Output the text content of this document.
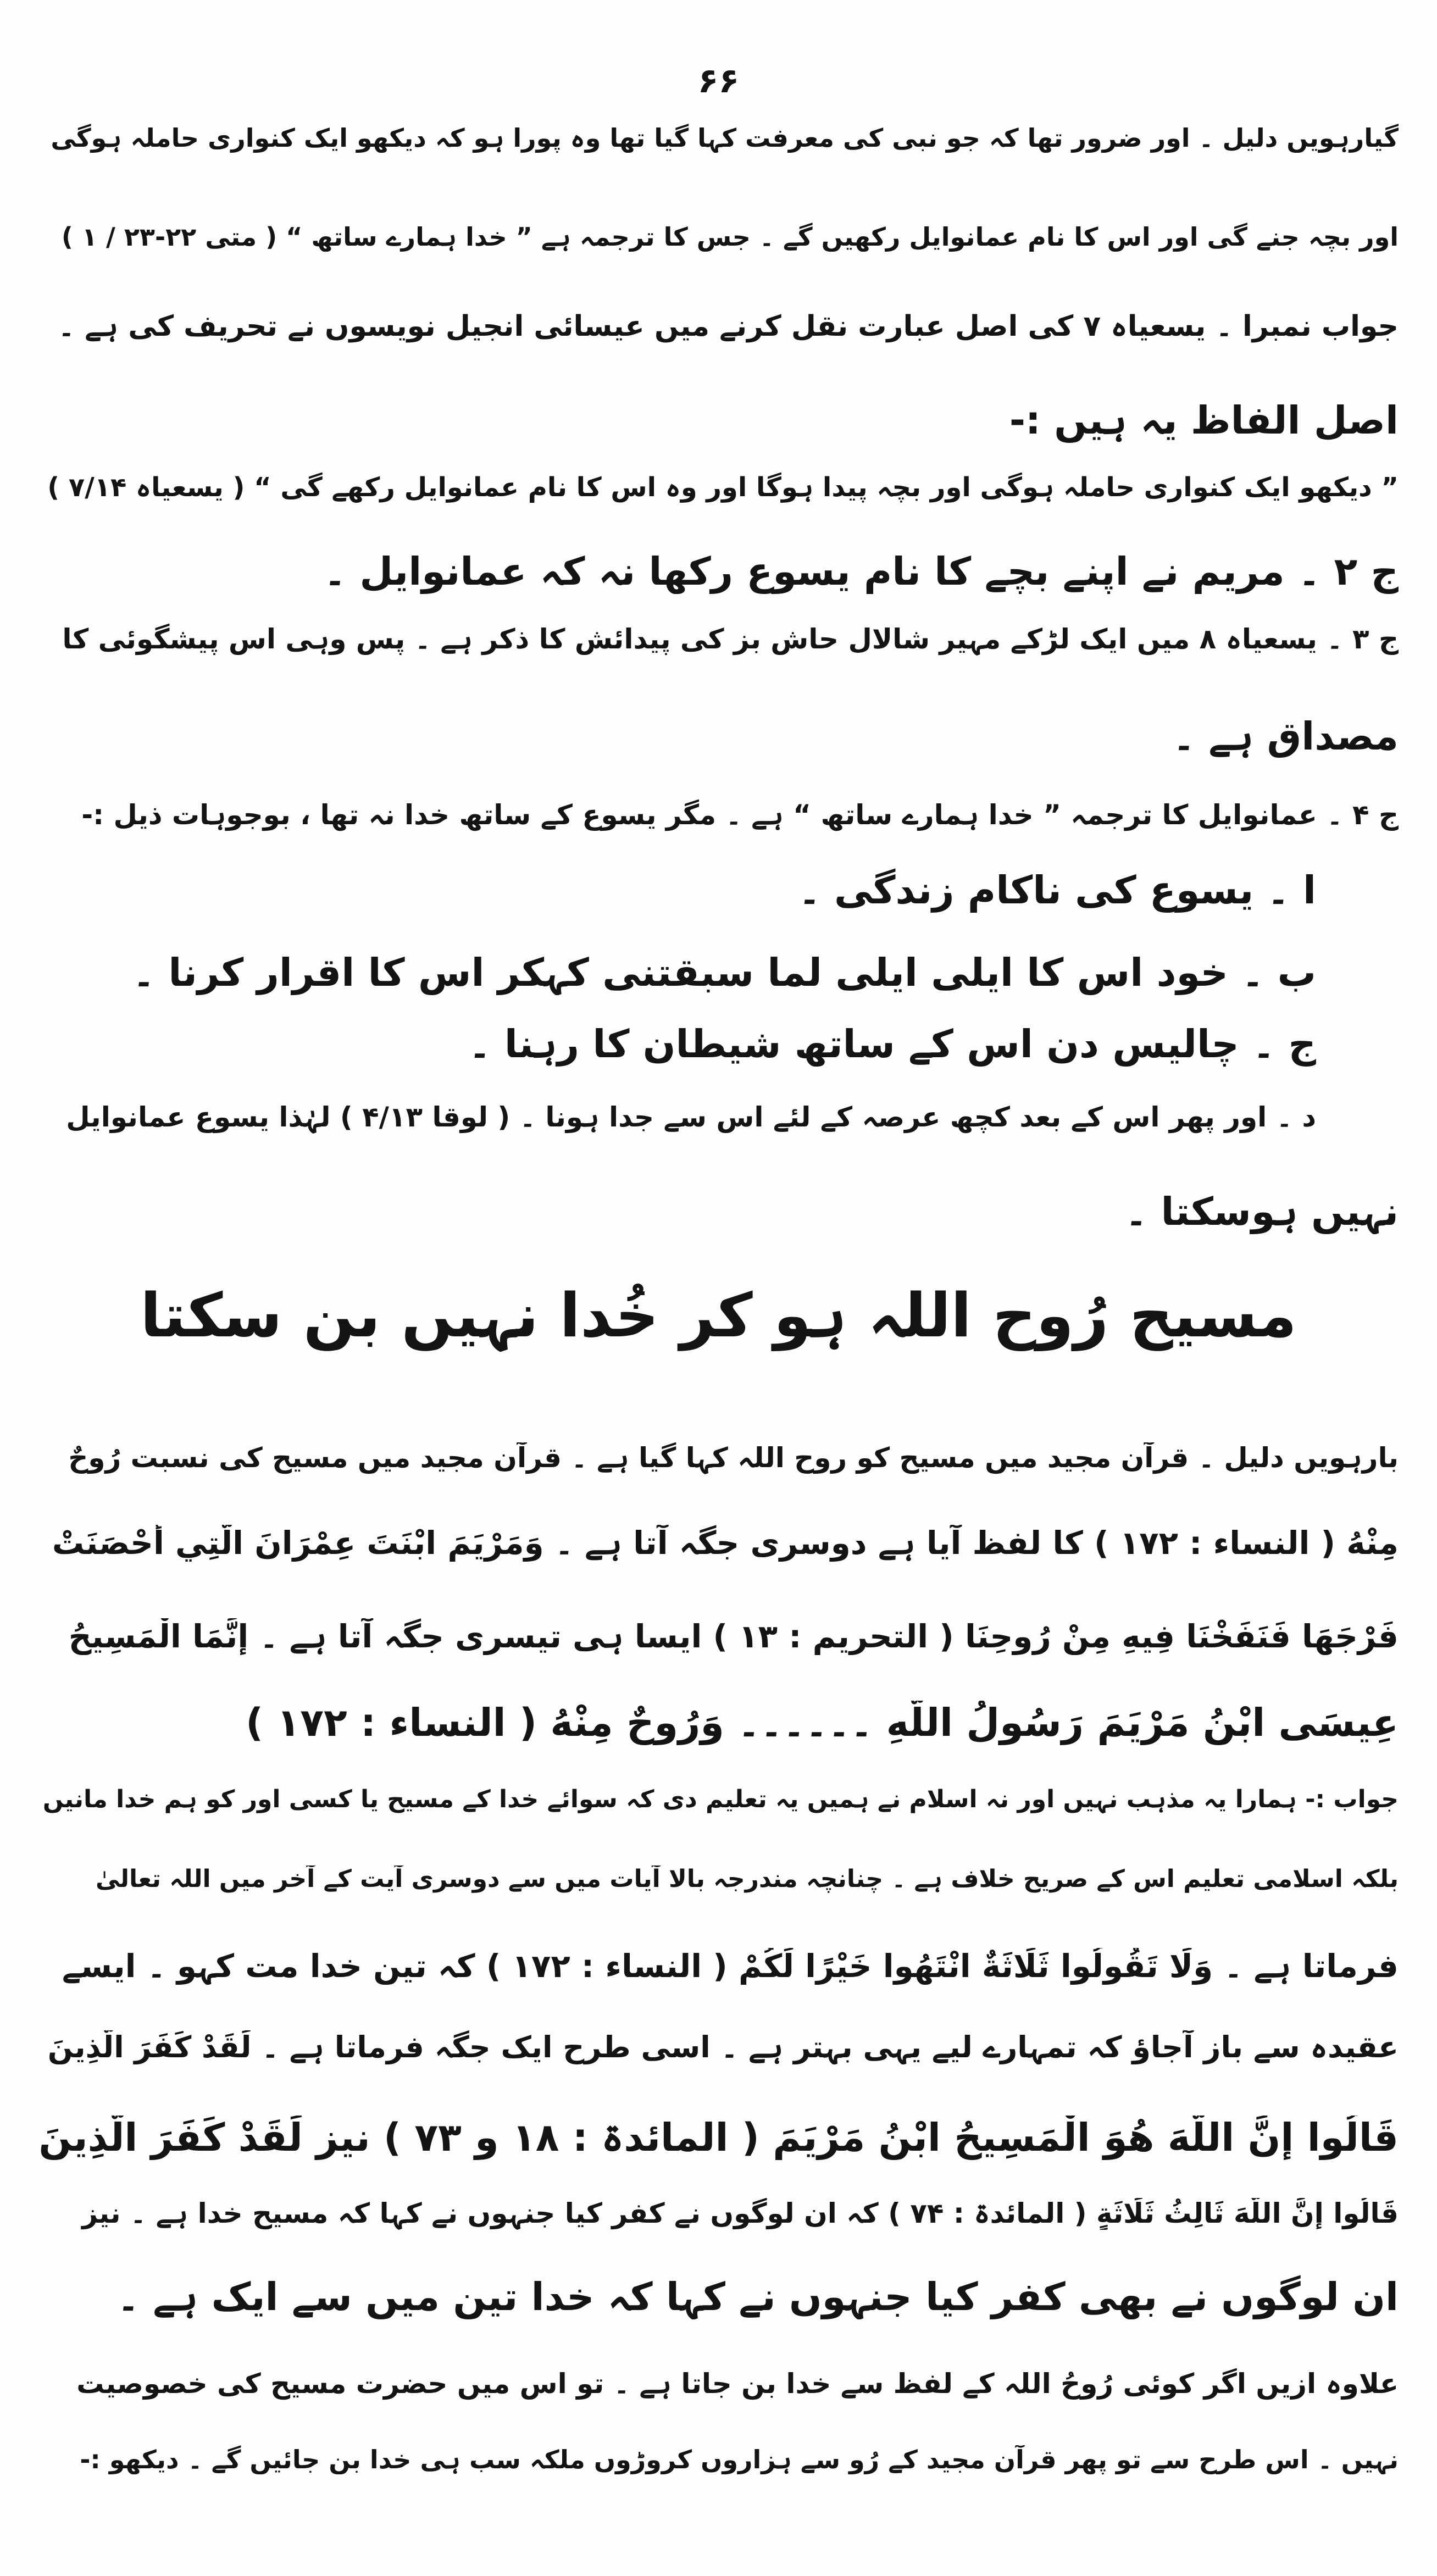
۶۶
گیارہویں دلیل ۔ اور ضرور تھا کہ جو نبی کی معرفت کہا گیا تھا وہ پورا ہو کہ دیکھو ایک کنواری حاملہ ہوگی
اور بچہ جنے گی اور اس کا نام عمانوایل رکھیں گے ۔ جس کا ترجمہ ہے ” خدا ہمارے ساتھ “ ( متی ۲۲-۲۳ / ۱ )
جواب نمبرا ۔ یسعیاہ ۷ کی اصل عبارت نقل کرنے میں عیسائی انجیل نویسوں نے تحریف کی ہے ۔
اصل الفاظ یہ ہیں :-
” دیکھو ایک کنواری حاملہ ہوگی اور بچہ پیدا ہوگا اور وہ اس کا نام عمانوایل رکھے گی “ ( یسعیاہ ۷/۱۴ )
ج ۲ ۔ مریم نے اپنے بچے کا نام یسوع رکھا نہ کہ عمانوایل ۔
ج ۳ ۔ یسعیاہ ۸ میں ایک لڑکے مہیر شالال حاش بز کی پیدائش کا ذکر ہے ۔ پس وہی اس پیشگوئی کا
مصداق ہے ۔
ج ۴ ۔ عمانوایل کا ترجمہ ” خدا ہمارے ساتھ “ ہے ۔ مگر یسوع کے ساتھ خدا نہ تھا ، بوجوہات ذیل :-
ا ۔ یسوع کی ناکام زندگی ۔
ب ۔ خود اس کا ایلی ایلی لما سبقتنی کہکر اس کا اقرار کرنا ۔
ج ۔ چالیس دن اس کے ساتھ شیطان کا رہنا ۔
د ۔ اور پھر اس کے بعد کچھ عرصہ کے لئے اس سے جدا ہونا ۔ ( لوقا ۴/۱۳ ) لہٰذا یسوع عمانوایل
نہیں ہوسکتا ۔
مسیح رُوح اللہ ہو کر خُدا نہیں بن سکتا
بارہویں دلیل ۔ قرآن مجید میں مسیح کو روح اللہ کہا گیا ہے ۔ قرآن مجید میں مسیح کی نسبت رُوحٌ
مِنْهُ ( النساء : ۱۷۲ ) کا لفظ آیا ہے دوسری جگہ آتا ہے ۔ وَمَرْيَمَ ابْنَتَ عِمْرَانَ الَّتِي أَحْصَنَتْ
فَرْجَهَا فَنَفَخْنَا فِيهِ مِنْ رُوحِنَا ( التحریم : ۱۳ ) ایسا ہی تیسری جگہ آتا ہے ۔ إِنَّمَا الْمَسِيحُ
عِيسَى ابْنُ مَرْيَمَ رَسُولُ اللَّهِ ۔۔۔۔۔۔ وَرُوحٌ مِنْهُ ( النساء : ۱۷۲ )
جواب :- ہمارا یہ مذہب نہیں اور نہ اسلام نے ہمیں یہ تعلیم دی کہ سوائے خدا کے مسیح یا کسی اور کو ہم خدا مانیں
بلکہ اسلامی تعلیم اس کے صریح خلاف ہے ۔ چنانچہ مندرجہ بالا آیات میں سے دوسری آیت کے آخر میں اللہ تعالیٰ
فرماتا ہے ۔ وَلَا تَقُولُوا ثَلَاثَةٌ انْتَهُوا خَيْرًا لَكُمْ ( النساء : ۱۷۲ ) کہ تین خدا مت کہو ۔ ایسے
عقیدہ سے باز آجاؤ کہ تمہارے لیے یہی بہتر ہے ۔ اسی طرح ایک جگہ فرماتا ہے ۔ لَقَدْ كَفَرَ الَّذِينَ
قَالُوا إِنَّ اللَّهَ هُوَ الْمَسِيحُ ابْنُ مَرْيَمَ ( المائدۃ : ۱۸ و ۷۳ ) نیز لَقَدْ كَفَرَ الَّذِينَ
قَالُوا إِنَّ اللَّهَ ثَالِثُ ثَلَاثَةٍ ( المائدۃ : ۷۴ ) کہ ان لوگوں نے کفر کیا جنہوں نے کہا کہ مسیح خدا ہے ۔ نیز
ان لوگوں نے بھی کفر کیا جنہوں نے کہا کہ خدا تین میں سے ایک ہے ۔
علاوہ ازیں اگر کوئی رُوحُ اللہ کے لفظ سے خدا بن جاتا ہے ۔ تو اس میں حضرت مسیح کی خصوصیت
نہیں ۔ اس طرح سے تو پھر قرآن مجید کے رُو سے ہزاروں کروڑوں ملکہ سب ہی خدا بن جائیں گے ۔ دیکھو :-
